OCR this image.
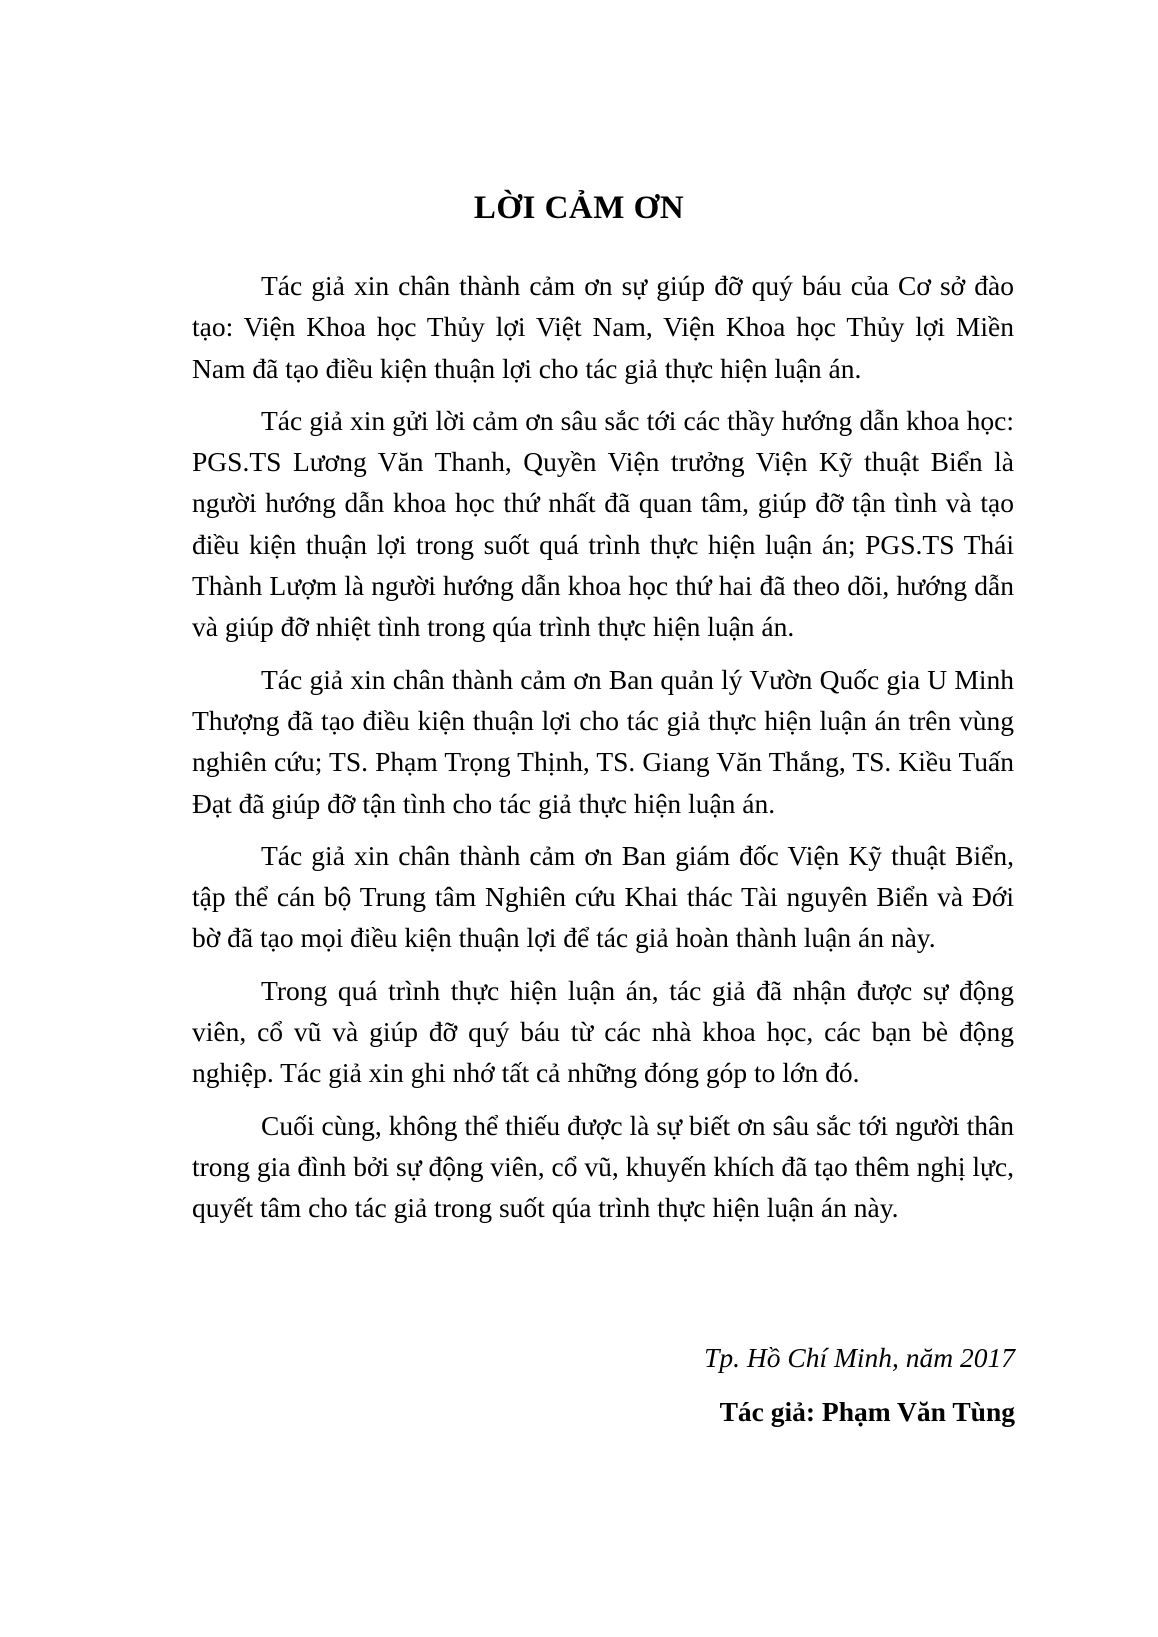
LỜI CẢM ƠN

Tác giả xin chân thành cảm ơn sự giúp đỡ quý báu của Cơ sở đào tạo: Viện Khoa học Thủy lợi Việt Nam, Viện Khoa học Thủy lợi Miền Nam đã tạo điều kiện thuận lợi cho tác giả thực hiện luận án.

Tác giả xin gửi lời cảm ơn sâu sắc tới các thầy hướng dẫn khoa học: PGS.TS Lương Văn Thanh, Quyền Viện trưởng Viện Kỹ thuật Biển là người hướng dẫn khoa học thứ nhất đã quan tâm, giúp đỡ tận tình và tạo điều kiện thuận lợi trong suốt quá trình thực hiện luận án; PGS.TS Thái Thành Lượm là người hướng dẫn khoa học thứ hai đã theo dõi, hướng dẫn và giúp đỡ nhiệt tình trong qúa trình thực hiện luận án.

Tác giả xin chân thành cảm ơn Ban quản lý Vườn Quốc gia U Minh Thượng đã tạo điều kiện thuận lợi cho tác giả thực hiện luận án trên vùng nghiên cứu; TS. Phạm Trọng Thịnh, TS. Giang Văn Thắng, TS. Kiều Tuấn Đạt đã giúp đỡ tận tình cho tác giả thực hiện luận án.

Tác giả xin chân thành cảm ơn Ban giám đốc Viện Kỹ thuật Biển, tập thể cán bộ Trung tâm Nghiên cứu Khai thác Tài nguyên Biển và Đới bờ đã tạo mọi điều kiện thuận lợi để tác giả hoàn thành luận án này.

Trong quá trình thực hiện luận án, tác giả đã nhận được sự động viên, cổ vũ và giúp đỡ quý báu từ các nhà khoa học, các bạn bè động nghiệp. Tác giả xin ghi nhớ tất cả những đóng góp to lớn đó.

Cuối cùng, không thể thiếu được là sự biết ơn sâu sắc tới người thân trong gia đình bởi sự động viên, cổ vũ, khuyến khích đã tạo thêm nghị lực, quyết tâm cho tác giả trong suốt qúa trình thực hiện luận án này.

Tp. Hồ Chí Minh, năm 2017
Tác giả: Phạm Văn Tùng
